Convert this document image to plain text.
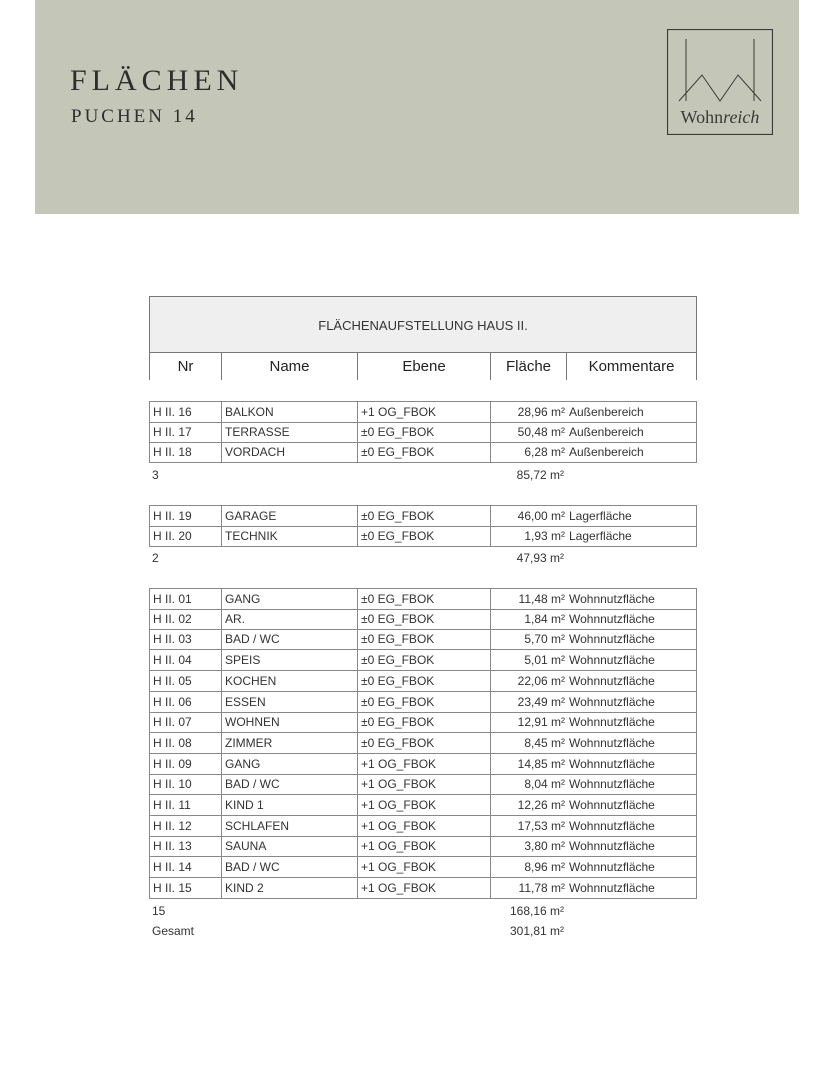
FLÄCHEN
PUCHEN 14	Wohnreich
FLÄCHENAUFSTELLUNG HAUS II.
Nr	Name	Ebene	Fläche	Kommentare
H II. 16	BALKON	+1 OG_FBOK	28,96 m² Außenbereich
H II. 17	TERRASSE	±0 EG_FBOK	50,48 m² Außenbereich
H II. 18	VORDACH	±0 EG_FBOK	6,28 m² Außenbereich
3	85,72 m²
H II. 19	GARAGE	±0 EG_FBOK	46,00 m² Lagerfläche
H II. 20	TECHNIK	±0 EG_FBOK	1,93 m² Lagerfläche
2	47,93 m²
H II. 01	GANG	±0 EG_FBOK	11,48 m² Wohnnutzfläche
H II. 02	AR.	±0 EG_FBOK	1,84 m² Wohnnutzfläche
H II. 03	BAD / WC	±0 EG_FBOK	5,70 m² Wohnnutzfläche
H II. 04	SPEIS	±0 EG_FBOK	5,01 m² Wohnnutzfläche
H II. 05	KOCHEN	±0 EG_FBOK	22,06 m² Wohnnutzfläche
H II. 06	ESSEN	±0 EG_FBOK	23,49 m² Wohnnutzfläche
H II. 07	WOHNEN	±0 EG_FBOK	12,91 m² Wohnnutzfläche
H II. 08	ZIMMER	±0 EG_FBOK	8,45 m² Wohnnutzfläche
H II. 09	GANG	+1 OG_FBOK	14,85 m² Wohnnutzfläche
H II. 10	BAD / WC	+1 OG_FBOK	8,04 m² Wohnnutzfläche
H II. 11	KIND 1	+1 OG_FBOK	12,26 m² Wohnnutzfläche
H II. 12	SCHLAFEN	+1 OG_FBOK	17,53 m² Wohnnutzfläche
H II. 13	SAUNA	+1 OG_FBOK	3,80 m² Wohnnutzfläche
H II. 14	BAD / WC	+1 OG_FBOK	8,96 m² Wohnnutzfläche
H II. 15	KIND 2	+1 OG_FBOK	11,78 m² Wohnnutzfläche
15	168,16 m²
Gesamt	301,81 m²
